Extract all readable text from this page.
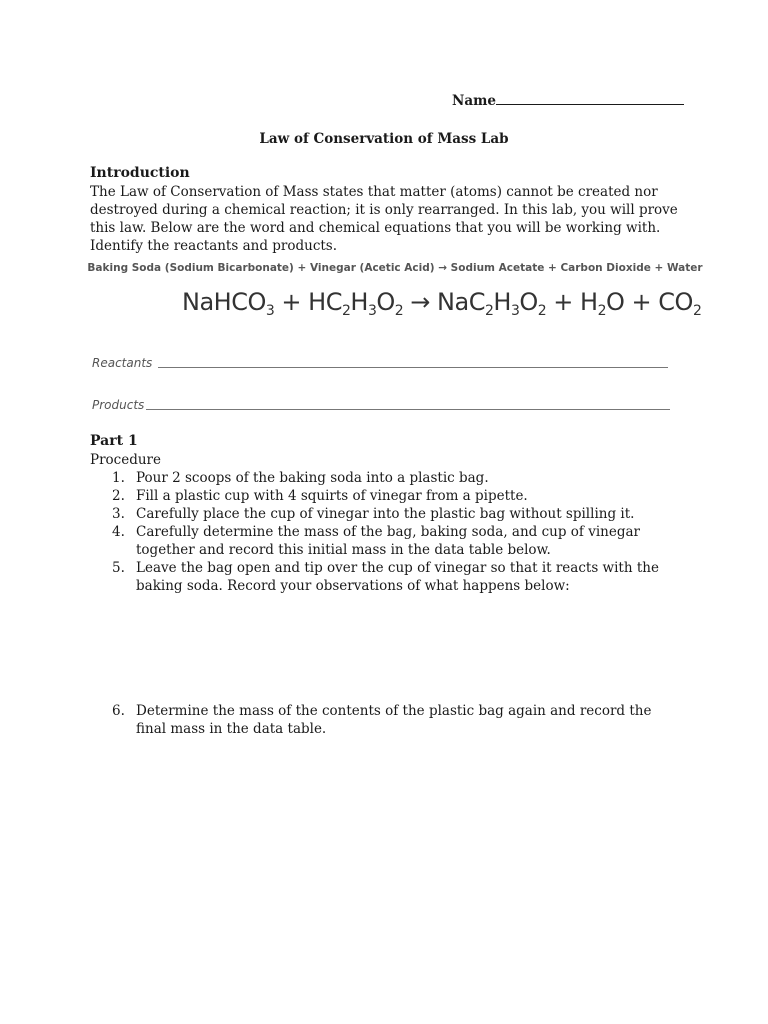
Name
Law of Conservation of Mass Lab
Introduction
The Law of Conservation of Mass states that matter (atoms) cannot be created nor destroyed during a chemical reaction; it is only rearranged. In this lab, you will prove this law. Below are the word and chemical equations that you will be working with. Identify the reactants and products.
Baking Soda (Sodium Bicarbonate) + Vinegar (Acetic Acid) → Sodium Acetate + Carbon Dioxide + Water
NaHCO$_3$ + $HC_2H_3O_2 \to NaC_2H_3O_2 + H_2O + CO_2$
Reactants
Products
Part 1
Procedure
1. Pour 2 scoops of the baking soda into a plastic bag.
2. Fill a plastic cup with 4 squirts of vinegar from a pipette.
3. Carefully place the cup of vinegar into the plastic bag without spilling it.
4. Carefully determine the mass of the bag, baking soda, and cup of vinegar together and record this initial mass in the data table below.
5. Leave the bag open and tip over the cup of vinegar so that it reacts with the baking soda. Record your observations of what happens below:
6. Determine the mass of the contents of the plastic bag again and record the final mass in the data table.
